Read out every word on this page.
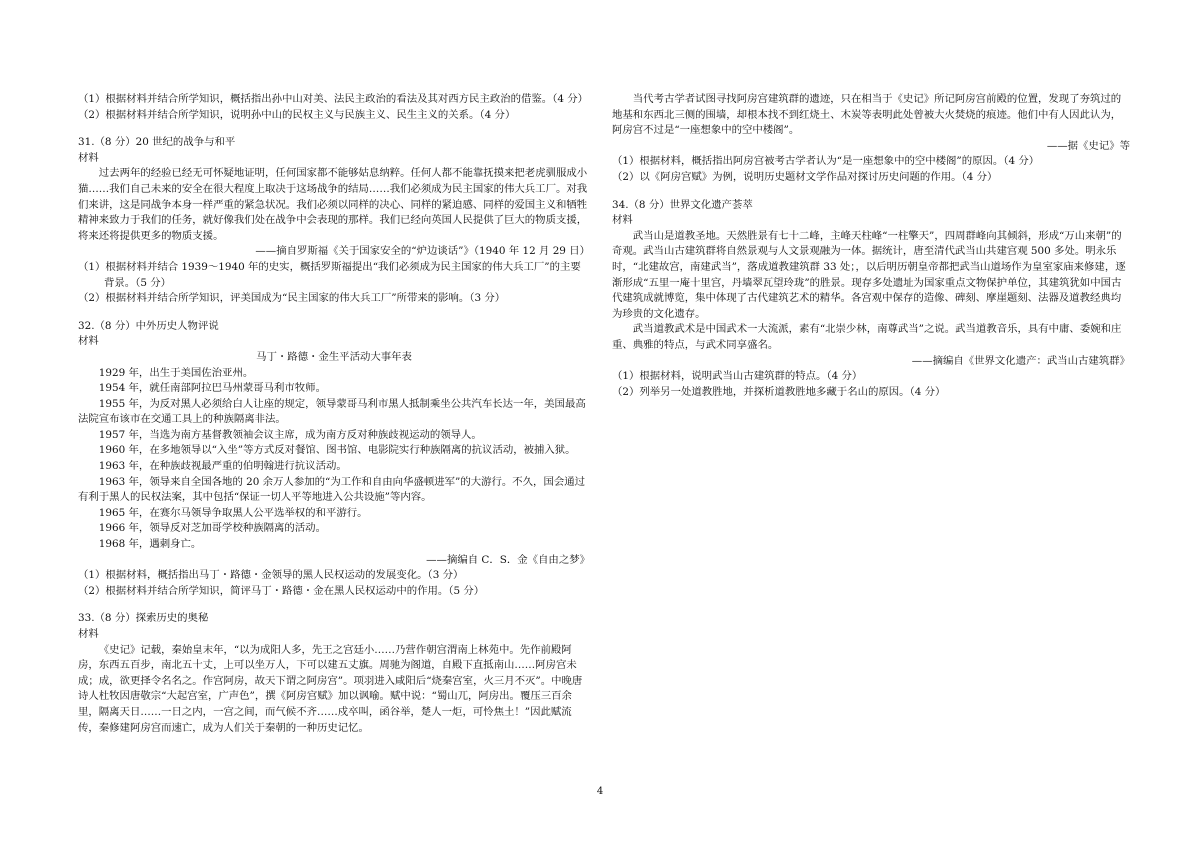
（1）根据材料并结合所学知识，概括指出孙中山对美、法民主政治的看法及其对西方民主政治的借鉴。（4 分）

（2）根据材料并结合所学知识，说明孙中山的民权主义与民族主义、民生主义的关系。（4 分）

31.（8 分）20 世纪的战争与和平

材料

过去两年的经验已经无可怀疑地证明，任何国家都不能够姑息纳粹。任何人都不能靠抚摸来把老虎驯服成小猫……我们自己未来的安全在很大程度上取决于这场战争的结局……我们必须成为民主国家的伟大兵工厂。对我们来讲，这是同战争本身一样严重的紧急状况。我们必须以同样的决心、同样的紧迫感、同样的爱国主义和牺牲精神来致力于我们的任务，就好像我们处在战争中会表现的那样。我们已经向英国人民提供了巨大的物质支援，将来还将提供更多的物质支援。

——摘自罗斯福《关于国家安全的“炉边谈话”》（1940 年 12 月 29 日）

（1）根据材料并结合 1939～1940 年的史实，概括罗斯福提出“我们必须成为民主国家的伟大兵工厂”的主要

背景。（5 分）

（2）根据材料并结合所学知识，评美国成为“民主国家的伟大兵工厂”所带来的影响。（3 分）

32.（8 分）中外历史人物评说

材料

马丁・路德・金生平活动大事年表

1929 年，出生于美国佐治亚州。

1954 年，就任南部阿拉巴马州蒙哥马利市牧师。

1955 年，为反对黑人必须给白人让座的规定，领导蒙哥马利市黑人抵制乘坐公共汽车长达一年，美国最高法院宣布该市在交通工具上的种族隔离非法。

1957 年，当选为南方基督教领袖会议主席，成为南方反对种族歧视运动的领导人。

1960 年，在多地领导以“入坐”等方式反对餐馆、图书馆、电影院实行种族隔离的抗议活动，被捕入狱。

1963 年，在种族歧视最严重的伯明翰进行抗议活动。

1963 年，领导来自全国各地的 20 余万人参加的“为工作和自由向华盛顿进军”的大游行。不久，国会通过有利于黑人的民权法案，其中包括“保证一切人平等地进入公共设施”等内容。

1965 年，在赛尔马领导争取黑人公平选举权的和平游行。

1966 年，领导反对芝加哥学校种族隔离的活动。

1968 年，遇刺身亡。

——摘编自 C．S．金《自由之梦》

（1）根据材料，概括指出马丁・路德・金领导的黑人民权运动的发展变化。（3 分）

（2）根据材料并结合所学知识，简评马丁・路德・金在黑人民权运动中的作用。（5 分）

33.（8 分）探索历史的奥秘

材料

《史记》记载，秦始皇末年，“以为成阳人多，先王之宫廷小……乃营作朝宫渭南上林苑中。先作前殿阿房，东西五百步，南北五十丈，上可以坐万人，下可以建五丈旗。周驰为阁道，自殿下直抵南山……阿房宫未成；成，欲更择令名名之。作宫阿房，故天下谓之阿房宫”。项羽进入咸阳后“烧秦宫室，火三月不灭”。中晚唐诗人杜牧因唐敬宗“大起宫室，广声色”，撰《阿房宫赋》加以讽喻。赋中说：“蜀山兀，阿房出。覆压三百余里，隔离天日……一日之内，一宫之间，而气候不齐……戍卒叫，函谷举，楚人一炬，可怜焦土！”因此赋流传，秦修建阿房宫而速亡，成为人们关于秦朝的一种历史记忆。

当代考古学者试图寻找阿房宫建筑群的遗迹，只在相当于《史记》所记阿房宫前殿的位置，发现了夯筑过的地基和东西北三侧的围墙，却根本找不到红烧土、木炭等表明此处曾被大火焚烧的痕迹。他们中有人因此认为，阿房宫不过是“一座想象中的空中楼阁”。

——据《史记》等

（1）根据材料，概括指出阿房宫被考古学者认为“是一座想象中的空中楼阁”的原因。（4 分）

（2）以《阿房宫赋》为例，说明历史题材文学作品对探讨历史问题的作用。（4 分）

34.（8 分）世界文化遗产荟萃

材料

武当山是道教圣地。天然胜景有七十二峰，主峰天柱峰“一柱擎天”，四周群峰向其倾斜，形成“万山来朝”的奇观。武当山古建筑群将自然景观与人文景观融为一体。据统计，唐至清代武当山共建宫观 500 多处。明永乐时，“北建故宫，南建武当”，落成道教建筑群 33 处；，以后明历朝皇帝都把武当山道场作为皇室家庙来修建，逐渐形成“五里一庵十里宫，丹墙翠瓦望玲珑”的胜景。现存多处遗址为国家重点文物保护单位，其建筑犹如中国古代建筑成就博览，集中体现了古代建筑艺术的精华。各宫观中保存的造像、碑刻、摩崖题刻、法器及道教经典均为珍贵的文化遗存。

武当道教武术是中国武术一大流派，素有“北崇少林，南尊武当”之说。武当道教音乐，具有中庸、委婉和庄重、典雅的特点，与武术同享盛名。

——摘编自《世界文化遗产：武当山古建筑群》

（1）根据材料，说明武当山古建筑群的特点。（4 分）

（2）列举另一处道教胜地，并探析道教胜地多藏于名山的原因。（4 分）

4
